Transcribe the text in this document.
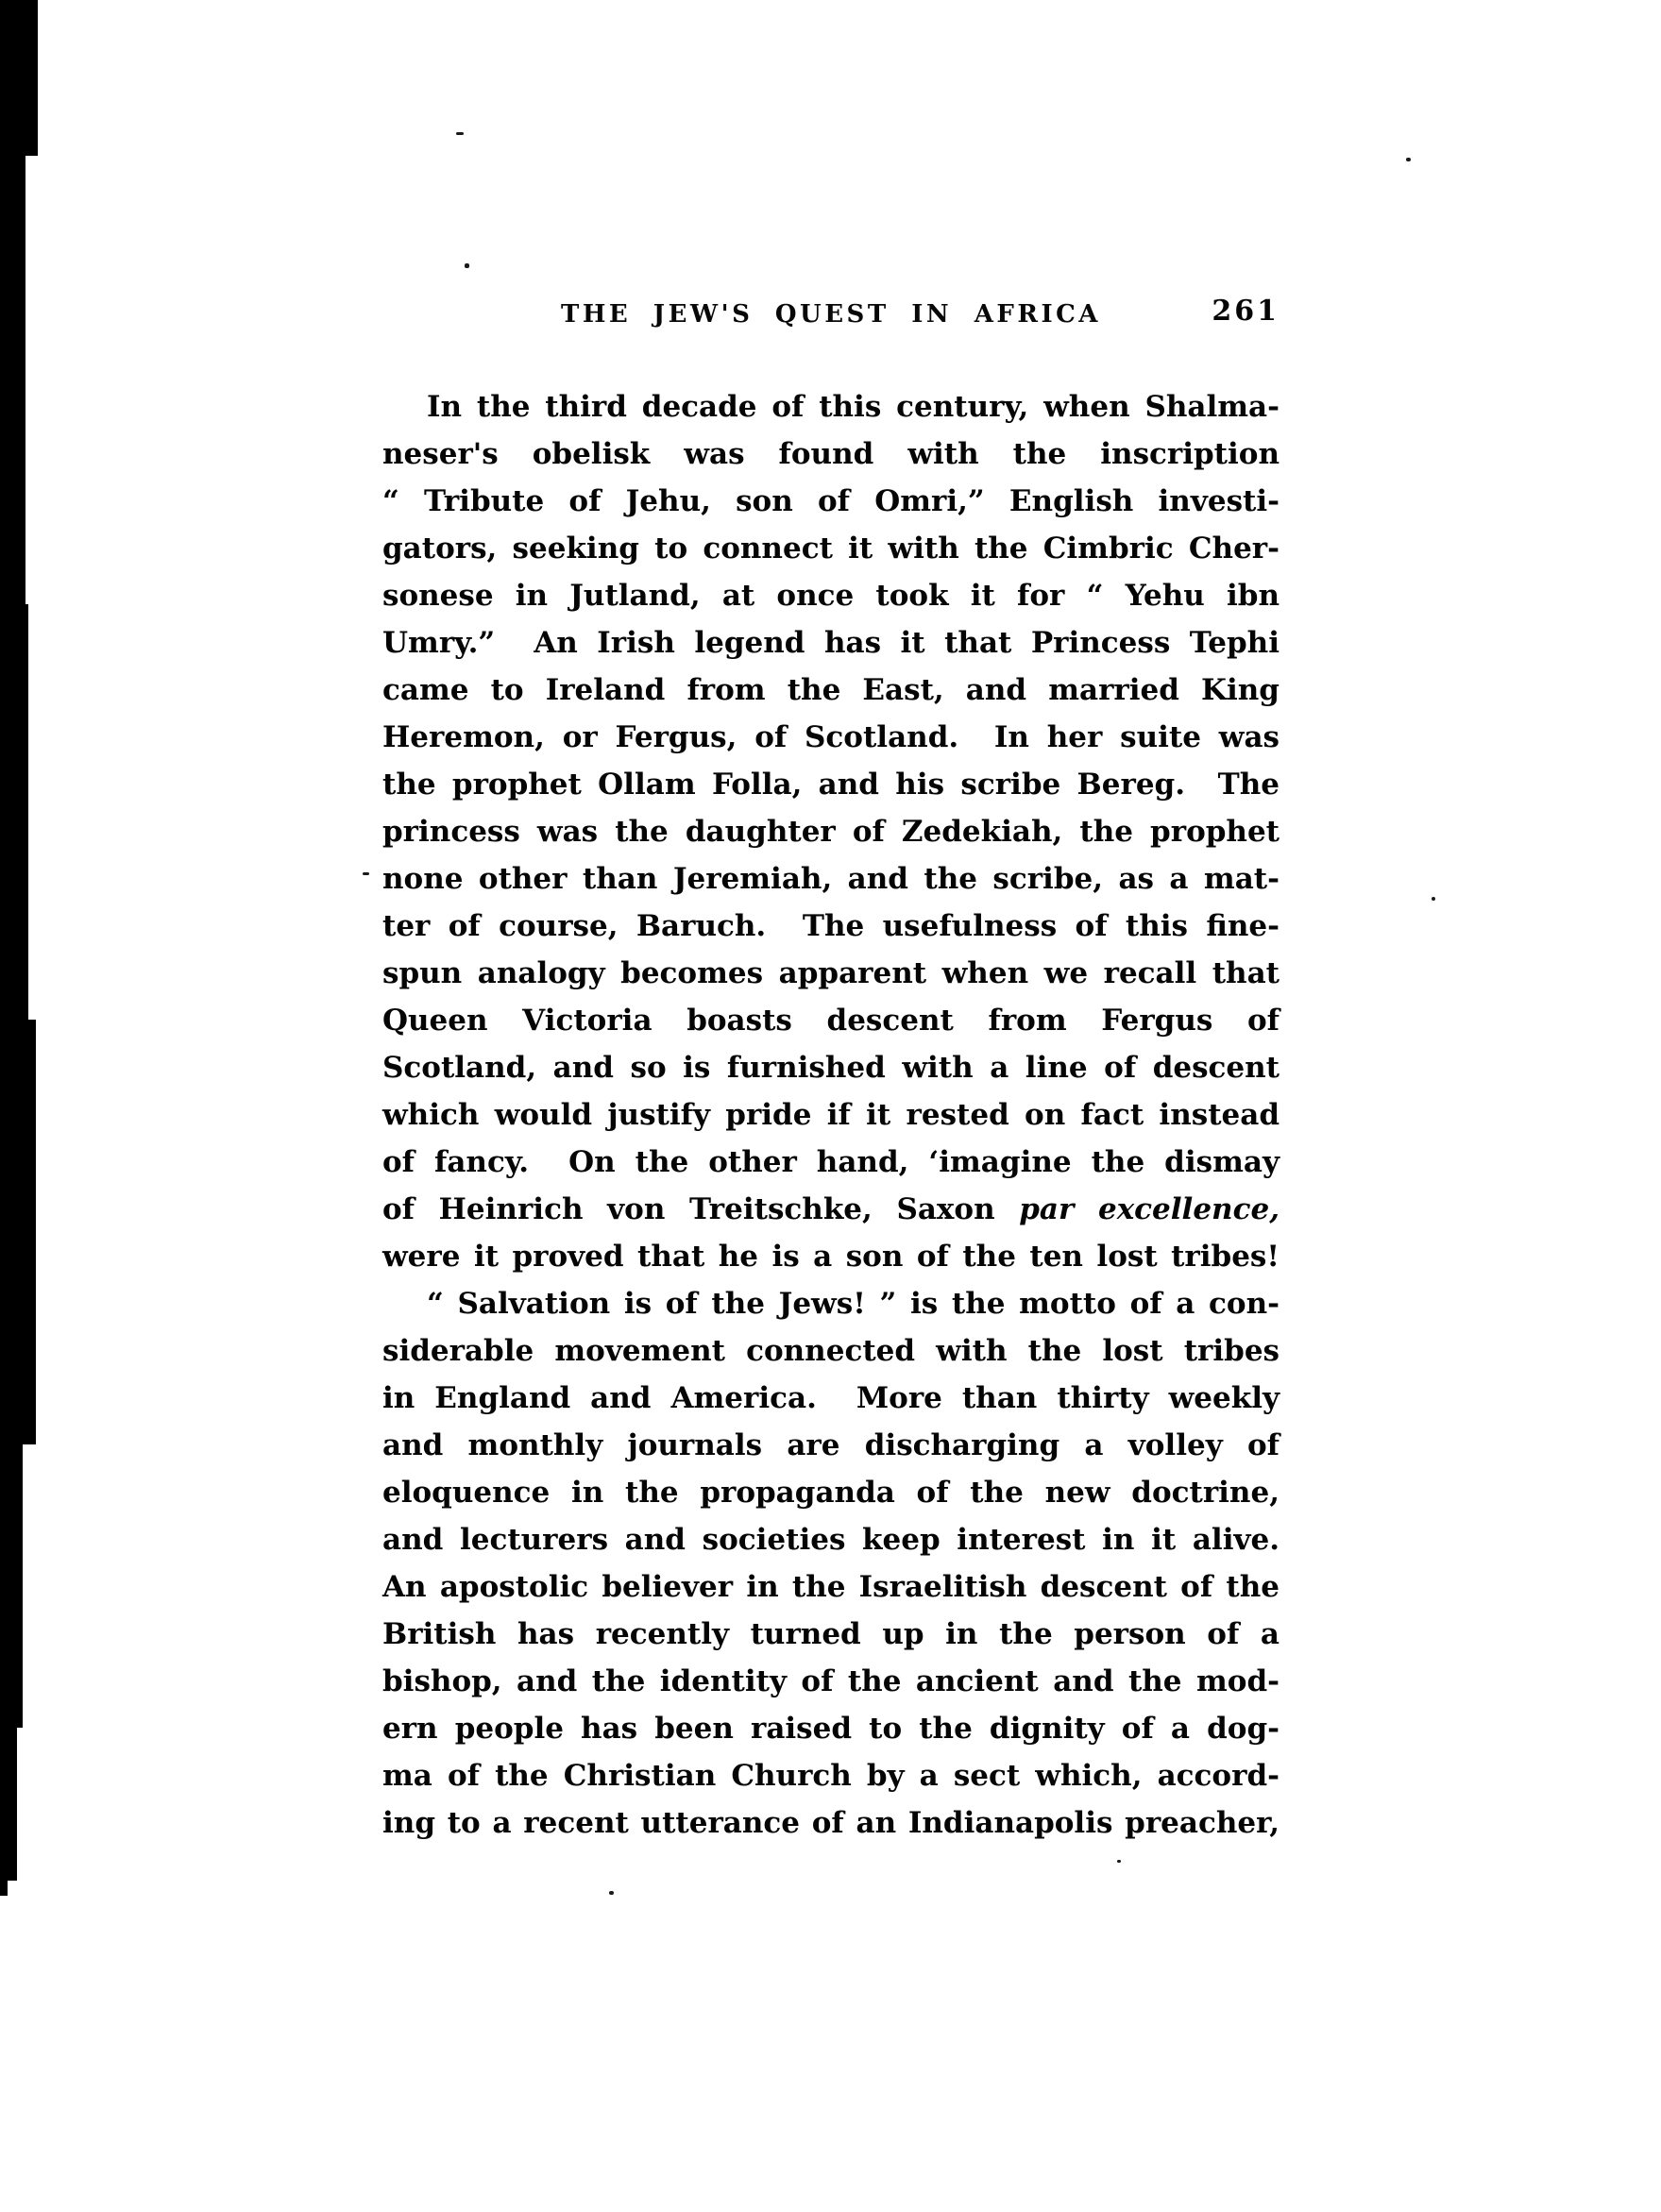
THE JEW'S QUEST IN AFRICA	261
In the third decade of this century, when Shalma-
neser's obelisk was found with the inscription
“ Tribute of Jehu, son of Omri,” English investi-
gators, seeking to connect it with the Cimbric Cher-
sonese in Jutland, at once took it for “ Yehu ibn
Umry.”  An Irish legend has it that Princess Tephi
came to Ireland from the East, and married King
Heremon, or Fergus, of Scotland.  In her suite was
the prophet Ollam Folla, and his scribe Bereg.  The
princess was the daughter of Zedekiah, the prophet
none other than Jeremiah, and the scribe, as a mat-
ter of course, Baruch.  The usefulness of this fine-
spun analogy becomes apparent when we recall that
Queen Victoria boasts descent from Fergus of
Scotland, and so is furnished with a line of descent
which would justify pride if it rested on fact instead
of fancy.  On the other hand, ‘imagine the dismay
of Heinrich von Treitschke, Saxon par excellence,
were it proved that he is a son of the ten lost tribes!
“ Salvation is of the Jews! ” is the motto of a con-
siderable movement connected with the lost tribes
in England and America.  More than thirty weekly
and monthly journals are discharging a volley of
eloquence in the propaganda of the new doctrine,
and lecturers and societies keep interest in it alive.
An apostolic believer in the Israelitish descent of the
British has recently turned up in the person of a
bishop, and the identity of the ancient and the mod-
ern people has been raised to the dignity of a dog-
ma of the Christian Church by a sect which, accord-
ing to a recent utterance of an Indianapolis preacher,
